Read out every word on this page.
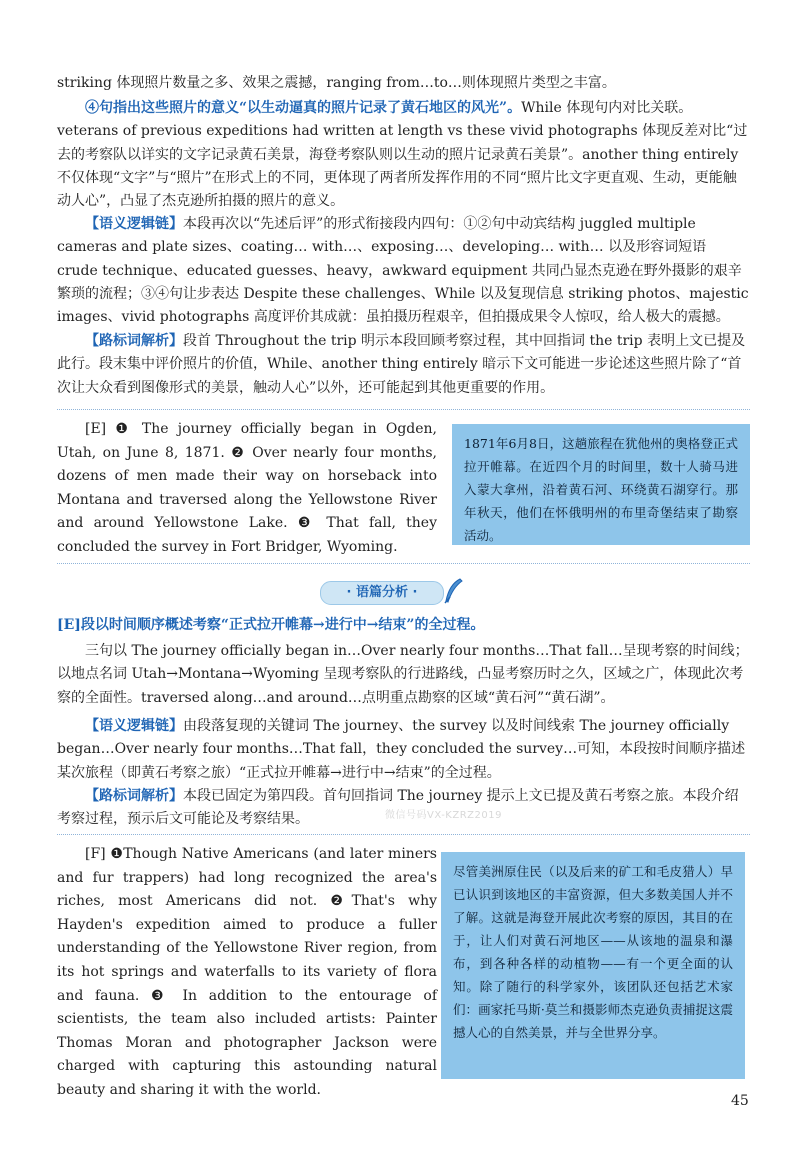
striking 体现照片数量之多、效果之震撼，ranging from…to…则体现照片类型之丰富。

④句指出这些照片的意义“以生动逼真的照片记录了黄石地区的风光”。While 体现句内对比关联。veterans of previous expeditions had written at length vs these vivid photographs 体现反差对比“过去的考察队以详实的文字记录黄石美景，海登考察队则以生动的照片记录黄石美景”。another thing entirely 不仅体现“文字”与“照片”在形式上的不同，更体现了两者所发挥作用的不同“照片比文字更直观、生动，更能触动人心”，凸显了杰克逊所拍摄的照片的意义。

【语义逻辑链】本段再次以“先述后评”的形式衔接段内四句：①②句中动宾结构 juggled multiple cameras and plate sizes、coating… with…、exposing…、developing… with… 以及形容词短语 crude technique、educated guesses、heavy，awkward equipment 共同凸显杰克逊在野外摄影的艰辛繁琐的流程；③④句让步表达 Despite these challenges、While 以及复现信息 striking photos、majestic images、vivid photographs 高度评价其成就：虽拍摄历程艰辛，但拍摄成果令人惊叹，给人极大的震撼。

【路标词解析】段首 Throughout the trip 明示本段回顾考察过程，其中回指词 the trip 表明上文已提及此行。段末集中评价照片的价值，While、another thing entirely 暗示下文可能进一步论述这些照片除了“首次让大众看到图像形式的美景，触动人心”以外，还可能起到其他更重要的作用。

[E] ❶ The journey officially began in Ogden, Utah, on June 8, 1871. ❷ Over nearly four months, dozens of men made their way on horseback into Montana and traversed along the Yellowstone River and around Yellowstone Lake. ❸ That fall, they concluded the survey in Fort Bridger, Wyoming.
1871年6月8日，这趟旅程在犹他州的奥格登正式拉开帷幕。在近四个月的时间里，数十人骑马进入蒙大拿州，沿着黄石河、环绕黄石湖穿行。那年秋天，他们在怀俄明州的布里奇堡结束了勘察活动。
· 语篇分析 ·

[E]段以时间顺序概述考察“正式拉开帷幕→进行中→结束”的全过程。

三句以 The journey officially began in…Over nearly four months…That fall…呈现考察的时间线；以地点名词 Utah→Montana→Wyoming 呈现考察队的行进路线，凸显考察历时之久，区域之广，体现此次考察的全面性。traversed along…and around…点明重点勘察的区域“黄石河”“黄石湖”。

【语义逻辑链】由段落复现的关键词 The journey、the survey 以及时间线索 The journey officially began…Over nearly four months…That fall，they concluded the survey…可知，本段按时间顺序描述某次旅程（即黄石考察之旅）“正式拉开帷幕→进行中→结束”的全过程。

【路标词解析】本段已固定为第四段。首句回指词 The journey 提示上文已提及黄石考察之旅。本段介绍考察过程，预示后文可能论及考察结果。	微信号码VX-KZRZ2019
[F] ❶Though Native Americans (and later miners and fur trappers) had long recognized the area's riches, most Americans did not. ❷That's why Hayden's expedition aimed to produce a fuller understanding of the Yellowstone River region, from its hot springs and waterfalls to its variety of flora and fauna. ❸ In addition to the entourage of scientists, the team also included artists: Painter Thomas Moran and photographer Jackson were charged with capturing this astounding natural beauty and sharing it with the world.
尽管美洲原住民（以及后来的矿工和毛皮猎人）早已认识到该地区的丰富资源，但大多数美国人并不了解。这就是海登开展此次考察的原因，其目的在于，让人们对黄石河地区——从该地的温泉和瀑布，到各种各样的动植物——有一个更全面的认知。除了随行的科学家外，该团队还包括艺术家们：画家托马斯·莫兰和摄影师杰克逊负责捕捉这震撼人心的自然美景，并与全世界分享。
45
